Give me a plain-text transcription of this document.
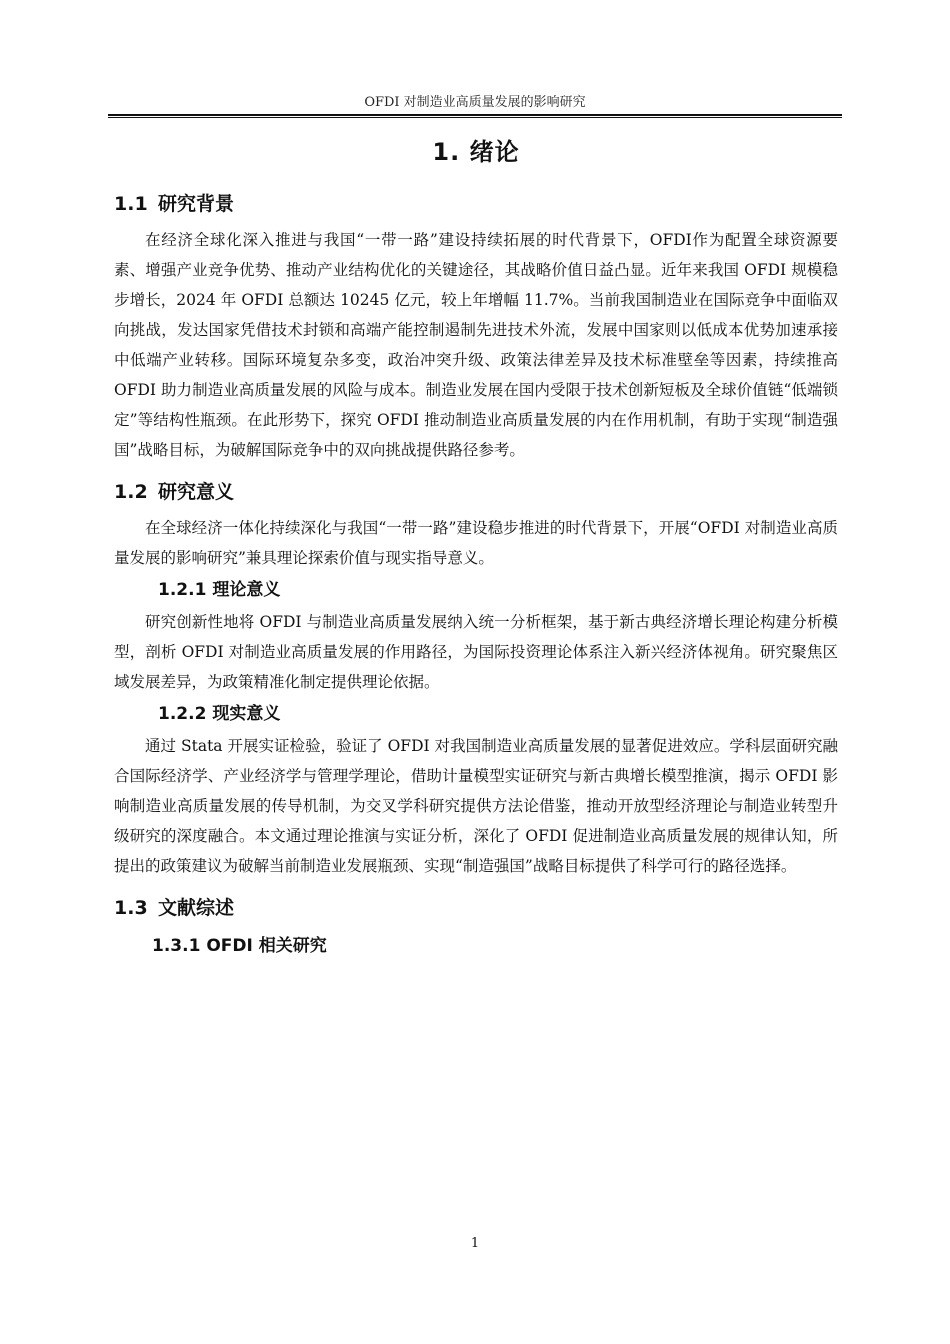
OFDI 对制造业高质量发展的影响研究
1. 绪论
1.1 研究背景

在经济全球化深入推进与我国“一带一路”建设持续拓展的时代背景下，OFDI作为配置全球资源要素、增强产业竞争优势、推动产业结构优化的关键途径，其战略价值日益凸显。近年来我国 OFDI 规模稳步增长，2024 年 OFDI 总额达 10245 亿元，较上年增幅 11.7%。当前我国制造业在国际竞争中面临双向挑战，发达国家凭借技术封锁和高端产能控制遏制先进技术外流，发展中国家则以低成本优势加速承接中低端产业转移。国际环境复杂多变，政治冲突升级、政策法律差异及技术标准壁垒等因素，持续推高 OFDI 助力制造业高质量发展的风险与成本。制造业发展在国内受限于技术创新短板及全球价值链“低端锁定”等结构性瓶颈。在此形势下，探究 OFDI 推动制造业高质量发展的内在作用机制，有助于实现“制造强国”战略目标，为破解国际竞争中的双向挑战提供路径参考。

1.2 研究意义

在全球经济一体化持续深化与我国“一带一路”建设稳步推进的时代背景下，开展“OFDI 对制造业高质量发展的影响研究”兼具理论探索价值与现实指导意义。

1.2.1 理论意义

研究创新性地将 OFDI 与制造业高质量发展纳入统一分析框架，基于新古典经济增长理论构建分析模型，剖析 OFDI 对制造业高质量发展的作用路径，为国际投资理论体系注入新兴经济体视角。研究聚焦区域发展差异，为政策精准化制定提供理论依据。

1.2.2 现实意义

通过 Stata 开展实证检验，验证了 OFDI 对我国制造业高质量发展的显著促进效应。学科层面研究融合国际经济学、产业经济学与管理学理论，借助计量模型实证研究与新古典增长模型推演，揭示 OFDI 影响制造业高质量发展的传导机制，为交叉学科研究提供方法论借鉴，推动开放型经济理论与制造业转型升级研究的深度融合。本文通过理论推演与实证分析，深化了 OFDI 促进制造业高质量发展的规律认知，所提出的政策建议为破解当前制造业发展瓶颈、实现“制造强国”战略目标提供了科学可行的路径选择。

1.3 文献综述
1.3.1 OFDI 相关研究
1
